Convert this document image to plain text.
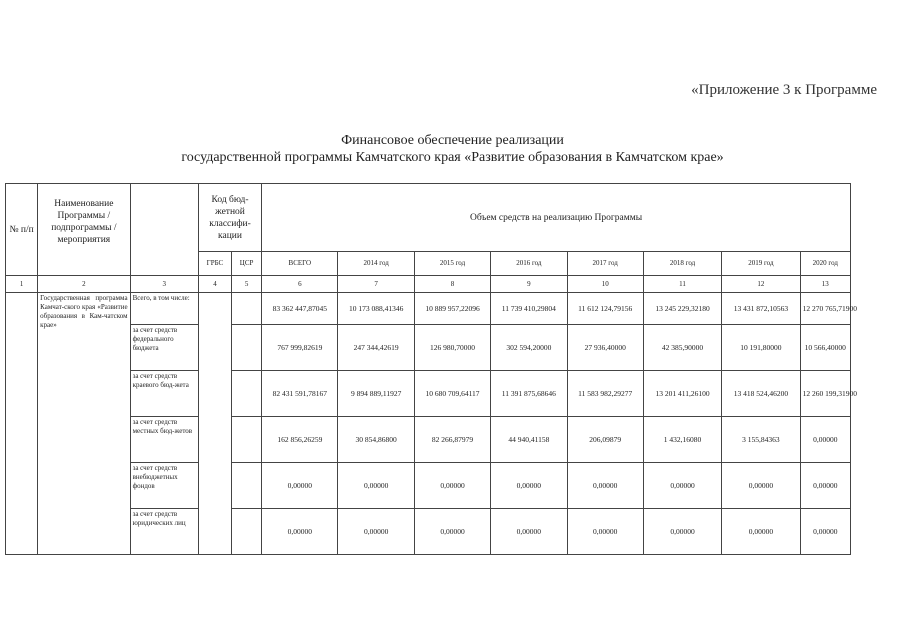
«Приложение 3 к Программе
Финансовое обеспечение реализации
государственной программы Камчатского края «Развитие образования в Камчатском крае»
№ п/п	Наименование Программы / подпрограммы / мероприятия		Код бюд-жетной классифи-кации		Объем средств на реализацию Программы							
			ГРБС	ЦСР	ВСЕГО	2014 год	2015 год	2016 год	2017 год	2018 год	2019 год	2020 год
1	2	3	4	5	6	7	8	9	10	11	12	13
	Государственная программа Камчат-ского края «Развитие образования в Кам-чатском крае»	Всего, в том числе:			83 362 447,87045	10 173 088,41346	10 889 957,22096	11 739 410,29804	11 612 124,79156	13 245 229,32180	13 431 872,10563	12 270 765,71900
		за счет средств федерального бюджета			767 999,82619	247 344,42619	126 980,70000	302 594,20000	27 936,40000	42 385,90000	10 191,80000	10 566,40000
		за счет средств краевого бюд-жета			82 431 591,78167	9 894 889,11927	10 680 709,64117	11 391 875,68646	11 583 982,29277	13 201 411,26100	13 418 524,46200	12 260 199,31900
		за счет средств местных бюд-жетов			162 856,26259	30 854,86800	82 266,87979	44 940,41158	206,09879	1 432,16080	3 155,84363	0,00000
		за счет средств внебюджетных фондов			0,00000	0,00000	0,00000	0,00000	0,00000	0,00000	0,00000	0,00000
		за счет средств юридических лиц			0,00000	0,00000	0,00000	0,00000	0,00000	0,00000	0,00000	0,00000
